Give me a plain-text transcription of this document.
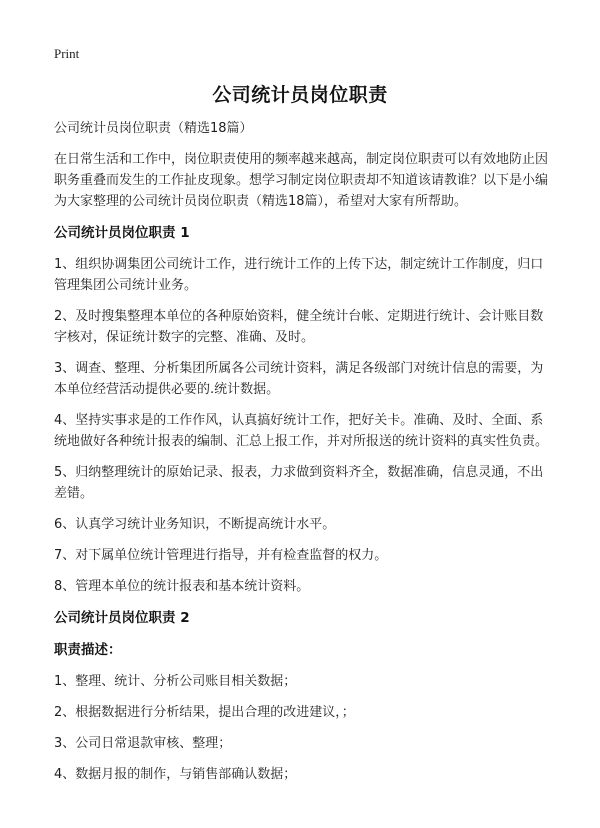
Print
公司统计员岗位职责

公司统计员岗位职责（精选18篇）

在日常生活和工作中，岗位职责使用的频率越来越高，制定岗位职责可以有效地防止因职务重叠而发生的工作扯皮现象。想学习制定岗位职责却不知道该请教谁？以下是小编为大家整理的公司统计员岗位职责（精选18篇），希望对大家有所帮助。

公司统计员岗位职责 1

1、组织协调集团公司统计工作，进行统计工作的上传下达，制定统计工作制度，归口管理集团公司统计业务。

2、及时搜集整理本单位的各种原始资料，健全统计台帐、定期进行统计、会计账目数字核对，保证统计数字的完整、准确、及时。

3、调查、整理、分析集团所属各公司统计资料，满足各级部门对统计信息的需要，为本单位经营活动提供必要的.统计数据。

4、坚持实事求是的工作作风，认真搞好统计工作，把好关卡。准确、及时、全面、系统地做好各种统计报表的编制、汇总上报工作，并对所报送的统计资料的真实性负责。

5、归纳整理统计的原始记录、报表，力求做到资料齐全，数据准确，信息灵通，不出差错。

6、认真学习统计业务知识，不断提高统计水平。

7、对下属单位统计管理进行指导，并有检查监督的权力。

8、管理本单位的统计报表和基本统计资料。

公司统计员岗位职责 2
职责描述：

1、整理、统计、分析公司账目相关数据；

2、根据数据进行分析结果，提出合理的改进建议，；

3、公司日常退款审核、整理；

4、数据月报的制作，与销售部确认数据；
